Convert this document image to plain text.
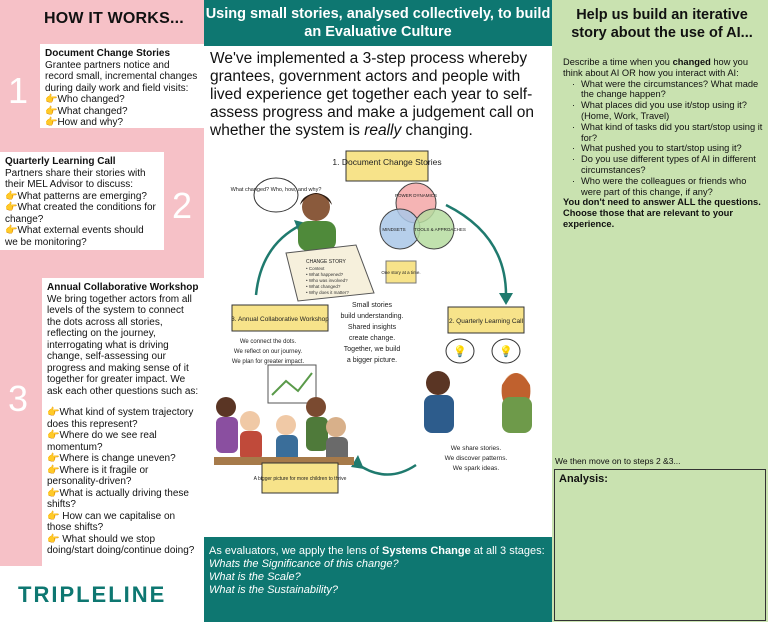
HOW IT WORKS...
1
Document Change Stories
Grantee partners notice and record small, incremental changes during daily work and field visits:
👉Who changed?
👉What changed?
👉How and why?
Quarterly Learning Call
Partners share their stories with their MEL Advisor to discuss:
👉What patterns are emerging?
👉What created the conditions for change?
👉What external events should we be monitoring?
2
3
Annual Collaborative Workshop
We bring together actors from all levels of the system to connect the dots across all stories, reflecting on the journey, interrogating what is driving change, self-assessing our progress and making sense of it together for greater impact. We ask each other questions such as:
👉What kind of system trajectory does this represent?
👉Where do we see real momentum?
👉Where is change uneven?
👉Where is it fragile or personality-driven?
👉What is actually driving these shifts?
👉 How can we capitalise on those shifts?
👉 What should we stop doing/start doing/continue doing?
TRIPLELINE
Using small stories, analysed collectively, to build an Evaluative Culture
We've implemented a 3-step process whereby grantees, government actors and people with lived experience get together each year to self-assess progress and make a judgement call on whether the system is really changing.
1. Document Change Stories
What changed? Who, how, and why?
CHANGE STORY
• Context
• What happened?
• Who was involved?
• What changed?
• Why does it matter?
POWER DYNAMICS
MINDSETS TOOLS & APPROACHES
One story at a time.
Small stories
build understanding.
Shared insights
create change.
Together, we build
a bigger picture.
2. Quarterly Learning Call
💡	💡
We share stories.
We discover patterns.
We spark ideas.
3. Annual Collaborative Workshop
We connect the dots.
We reflect on our journey.
We plan for greater impact.
A bigger picture for more children to thrive
As evaluators, we apply the lens of Systems Change at all 3 stages:
Whats the Significance of this change?
What is the Scale?
What is the Sustainability?
Help us build an iterative story about the use of AI...
Describe a time when you changed how you think about AI OR how you interact with AI:
· What were the circumstances? What made the change happen?
· What places did you use it/stop using it? (Home, Work, Travel)
· What kind of tasks did you start/stop using it for?
· What pushed you to start/stop using it?
· Do you use different types of AI in different circumstances?
· Who were the colleagues or friends who were part of this change, if any?
You don't need to answer ALL the questions. Choose those that are relevant to your experience.
We then move on to steps 2 &3...
Analysis:
